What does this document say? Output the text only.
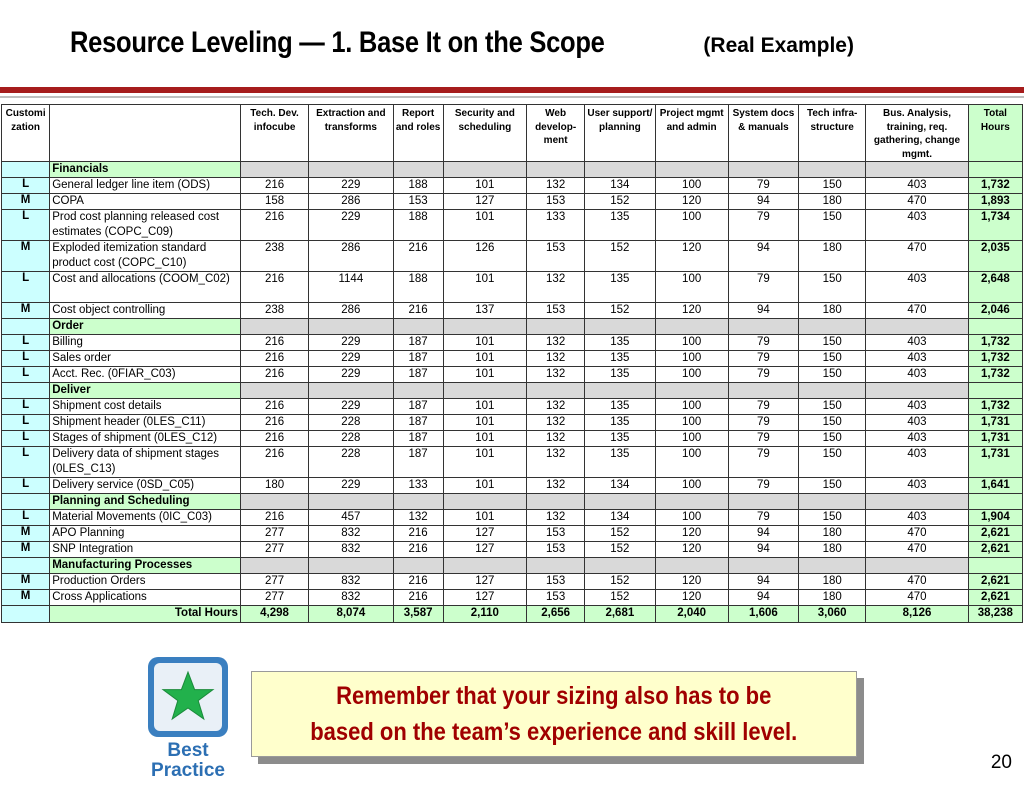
Resource Leveling — 1. Base It on the Scope	(Real Example)
Customization		Tech. Dev. infocube	Extraction and transforms	Report and roles	Security and scheduling	Web develop-ment	User support/ planning	Project mgmt and admin	System docs & manuals	Tech infra-structure	Bus. Analysis, training, req. gathering, change mgmt.	Total Hours
	Financials											
L	General ledger line item (ODS)	216	229	188	101	132	134	100	79	150	403	1,732
M	COPA	158	286	153	127	153	152	120	94	180	470	1,893
L	Prod cost planning released cost estimates (COPC_C09)	216	229	188	101	133	135	100	79	150	403	1,734
M	Exploded itemization standard product cost (COPC_C10)	238	286	216	126	153	152	120	94	180	470	2,035
L	Cost and allocations (COOM_C02)	216	1144	188	101	132	135	100	79	150	403	2,648
M	Cost object controlling	238	286	216	137	153	152	120	94	180	470	2,046
	Order											
L	Billing	216	229	187	101	132	135	100	79	150	403	1,732
L	Sales order	216	229	187	101	132	135	100	79	150	403	1,732
L	Acct. Rec. (0FIAR_C03)	216	229	187	101	132	135	100	79	150	403	1,732
	Deliver											
L	Shipment cost details	216	229	187	101	132	135	100	79	150	403	1,732
L	Shipment header (0LES_C11)	216	228	187	101	132	135	100	79	150	403	1,731
L	Stages of shipment (0LES_C12)	216	228	187	101	132	135	100	79	150	403	1,731
L	Delivery data of shipment stages (0LES_C13)	216	228	187	101	132	135	100	79	150	403	1,731
L	Delivery service (0SD_C05)	180	229	133	101	132	134	100	79	150	403	1,641
	Planning and Scheduling											
L	Material Movements (0IC_C03)	216	457	132	101	132	134	100	79	150	403	1,904
M	APO Planning	277	832	216	127	153	152	120	94	180	470	2,621
M	SNP Integration	277	832	216	127	153	152	120	94	180	470	2,621
	Manufacturing Processes											
M	Production Orders	277	832	216	127	153	152	120	94	180	470	2,621
M	Cross Applications	277	832	216	127	153	152	120	94	180	470	2,621
	Total Hours	4,298	8,074	3,587	2,110	2,656	2,681	2,040	1,606	3,060	8,126	38,238
Best
Practice
Remember that your sizing also has to be
based on the team’s experience and skill level.
20
